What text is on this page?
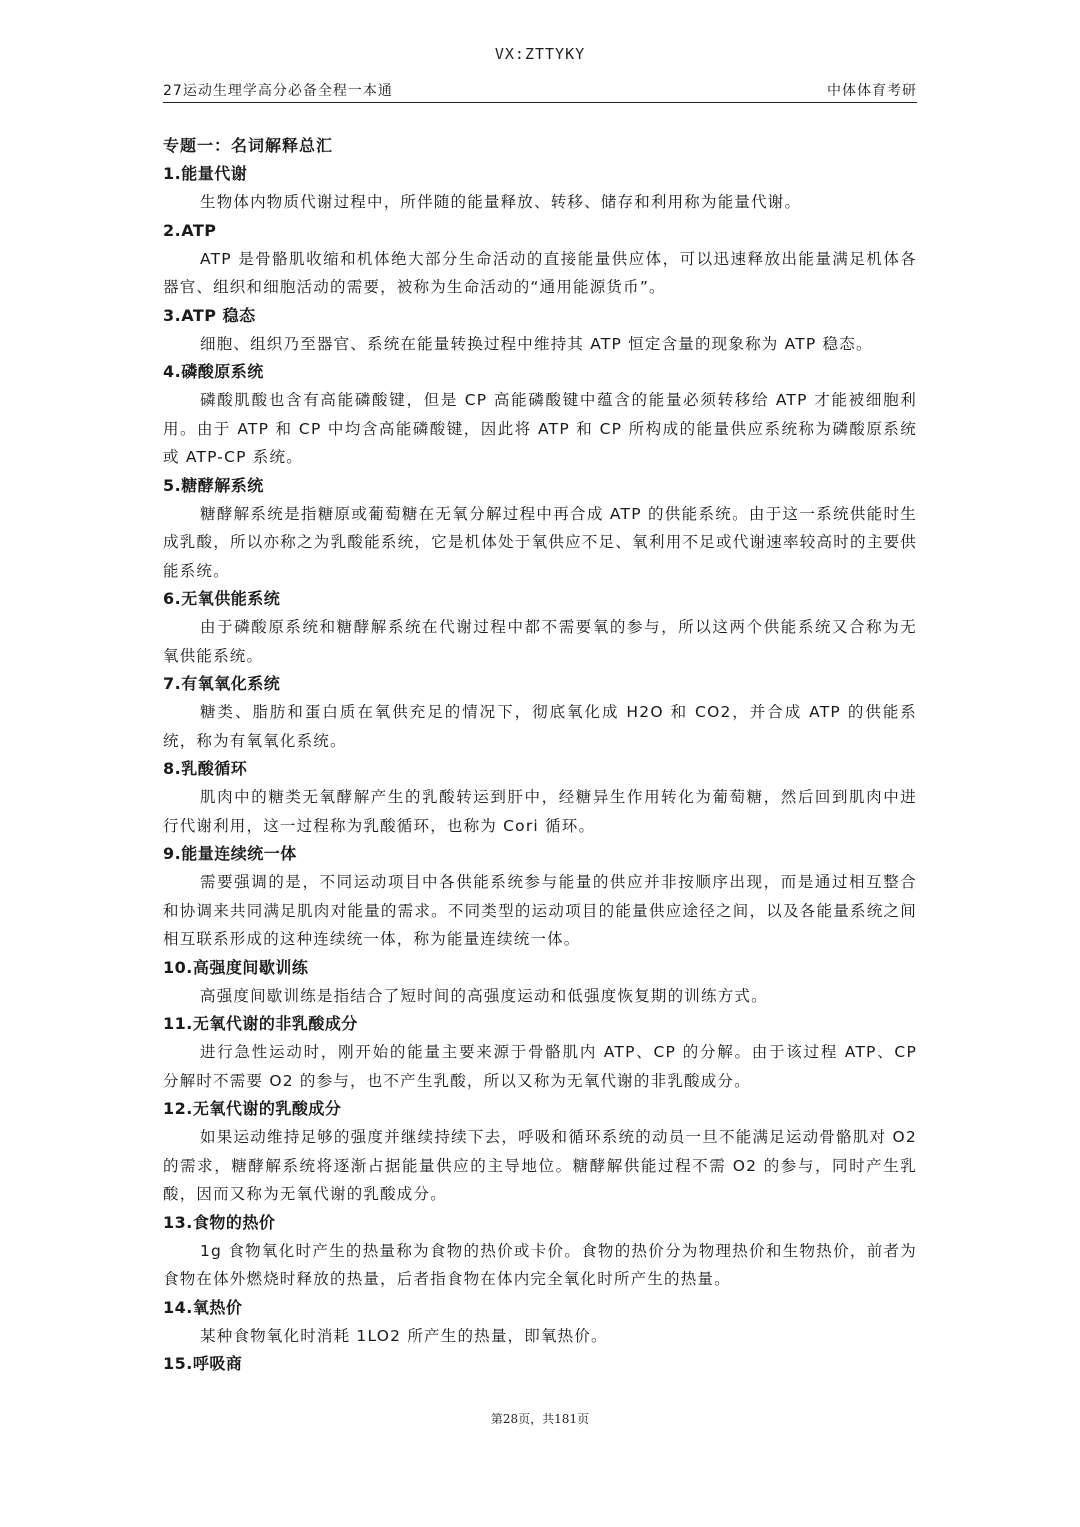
VX:ZTTYKY
27运动生理学高分必备全程一本通	中体体育考研
专题一：名词解释总汇
1.能量代谢

生物体内物质代谢过程中，所伴随的能量释放、转移、储存和利用称为能量代谢。

2.ATP

ATP 是骨骼肌收缩和机体绝大部分生命活动的直接能量供应体，可以迅速释放出能量满足机体各器官、组织和细胞活动的需要，被称为生命活动的“通用能源货币”。

3.ATP 稳态

细胞、组织乃至器官、系统在能量转换过程中维持其 ATP 恒定含量的现象称为 ATP 稳态。

4.磷酸原系统

磷酸肌酸也含有高能磷酸键，但是 CP 高能磷酸键中蕴含的能量必须转移给 ATP 才能被细胞利用。由于 ATP 和 CP 中均含高能磷酸键，因此将 ATP 和 CP 所构成的能量供应系统称为磷酸原系统或 ATP-CP 系统。

5.糖酵解系统

糖酵解系统是指糖原或葡萄糖在无氧分解过程中再合成 ATP 的供能系统。由于这一系统供能时生成乳酸，所以亦称之为乳酸能系统，它是机体处于氧供应不足、氧利用不足或代谢速率较高时的主要供能系统。

6.无氧供能系统

由于磷酸原系统和糖酵解系统在代谢过程中都不需要氧的参与，所以这两个供能系统又合称为无氧供能系统。

7.有氧氧化系统

糖类、脂肪和蛋白质在氧供充足的情况下，彻底氧化成 H2O 和 CO2，并合成 ATP 的供能系统，称为有氧氧化系统。

8.乳酸循环

肌肉中的糖类无氧酵解产生的乳酸转运到肝中，经糖异生作用转化为葡萄糖，然后回到肌肉中进行代谢利用，这一过程称为乳酸循环，也称为 Cori 循环。

9.能量连续统一体

需要强调的是，不同运动项目中各供能系统参与能量的供应并非按顺序出现，而是通过相互整合和协调来共同满足肌肉对能量的需求。不同类型的运动项目的能量供应途径之间，以及各能量系统之间相互联系形成的这种连续统一体，称为能量连续统一体。

10.高强度间歇训练

高强度间歇训练是指结合了短时间的高强度运动和低强度恢复期的训练方式。

11.无氧代谢的非乳酸成分

进行急性运动时，刚开始的能量主要来源于骨骼肌内 ATP、CP 的分解。由于该过程 ATP、CP 分解时不需要 O2 的参与，也不产生乳酸，所以又称为无氧代谢的非乳酸成分。

12.无氧代谢的乳酸成分

如果运动维持足够的强度并继续持续下去，呼吸和循环系统的动员一旦不能满足运动骨骼肌对 O2 的需求，糖酵解系统将逐渐占据能量供应的主导地位。糖酵解供能过程不需 O2 的参与，同时产生乳酸，因而又称为无氧代谢的乳酸成分。

13.食物的热价

1g 食物氧化时产生的热量称为食物的热价或卡价。食物的热价分为物理热价和生物热价，前者为食物在体外燃烧时释放的热量，后者指食物在体内完全氧化时所产生的热量。

14.氧热价

某种食物氧化时消耗 1LO2 所产生的热量，即氧热价。

15.呼吸商
第28页，共181页
